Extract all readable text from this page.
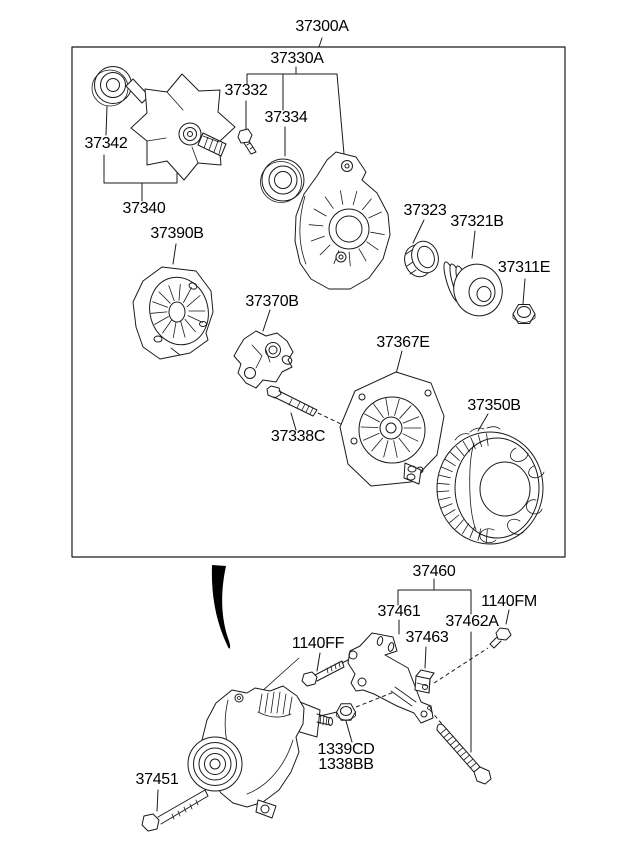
37300A
37330A
37332
37334
37342
37340
37390B
37370B
37338C
37323
37321B
37311E
37367E
37350B
37460
37461
37462A
37463
1140FM
1140FF
1339CD
1338BB
37451
